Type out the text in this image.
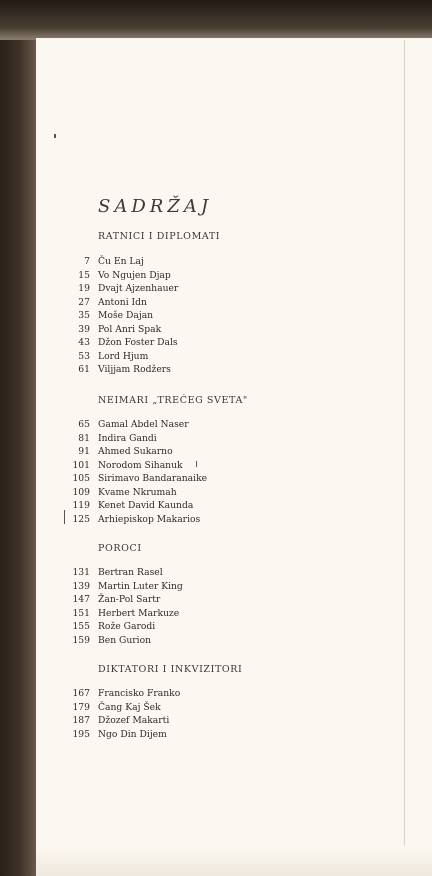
SADRŽAJ
RATNICI I DIPLOMATI
7 Ču En Laj
15 Vo Ngujen Djap
19 Dvajt Ajzenhauer
27 Antoni Idn
35 Moše Dajan
39 Pol Anri Spak
43 Džon Foster Dals
53 Lord Hjum
61 Viljjam Rodžers
NEIMARI „TREĆEG SVETA"
65 Gamal Abdel Naser
81 Indira Gandi
91 Ahmed Sukarno
101 Norodom Sihanuk
105 Sirimavo Bandaranaike
109 Kvame Nkrumah
119 Kenet David Kaunda
125 Arhiepiskop Makarios
POROCI
131 Bertran Rasel
139 Martin Luter King
147 Žan-Pol Sartr
151 Herbert Markuze
155 Rože Garodi
159 Ben Gurion
DIKTATORI I INKVIZITORI
167 Francisko Franko
179 Čang Kaj Šek
187 Džozef Makarti
195 Ngo Din Dijem
